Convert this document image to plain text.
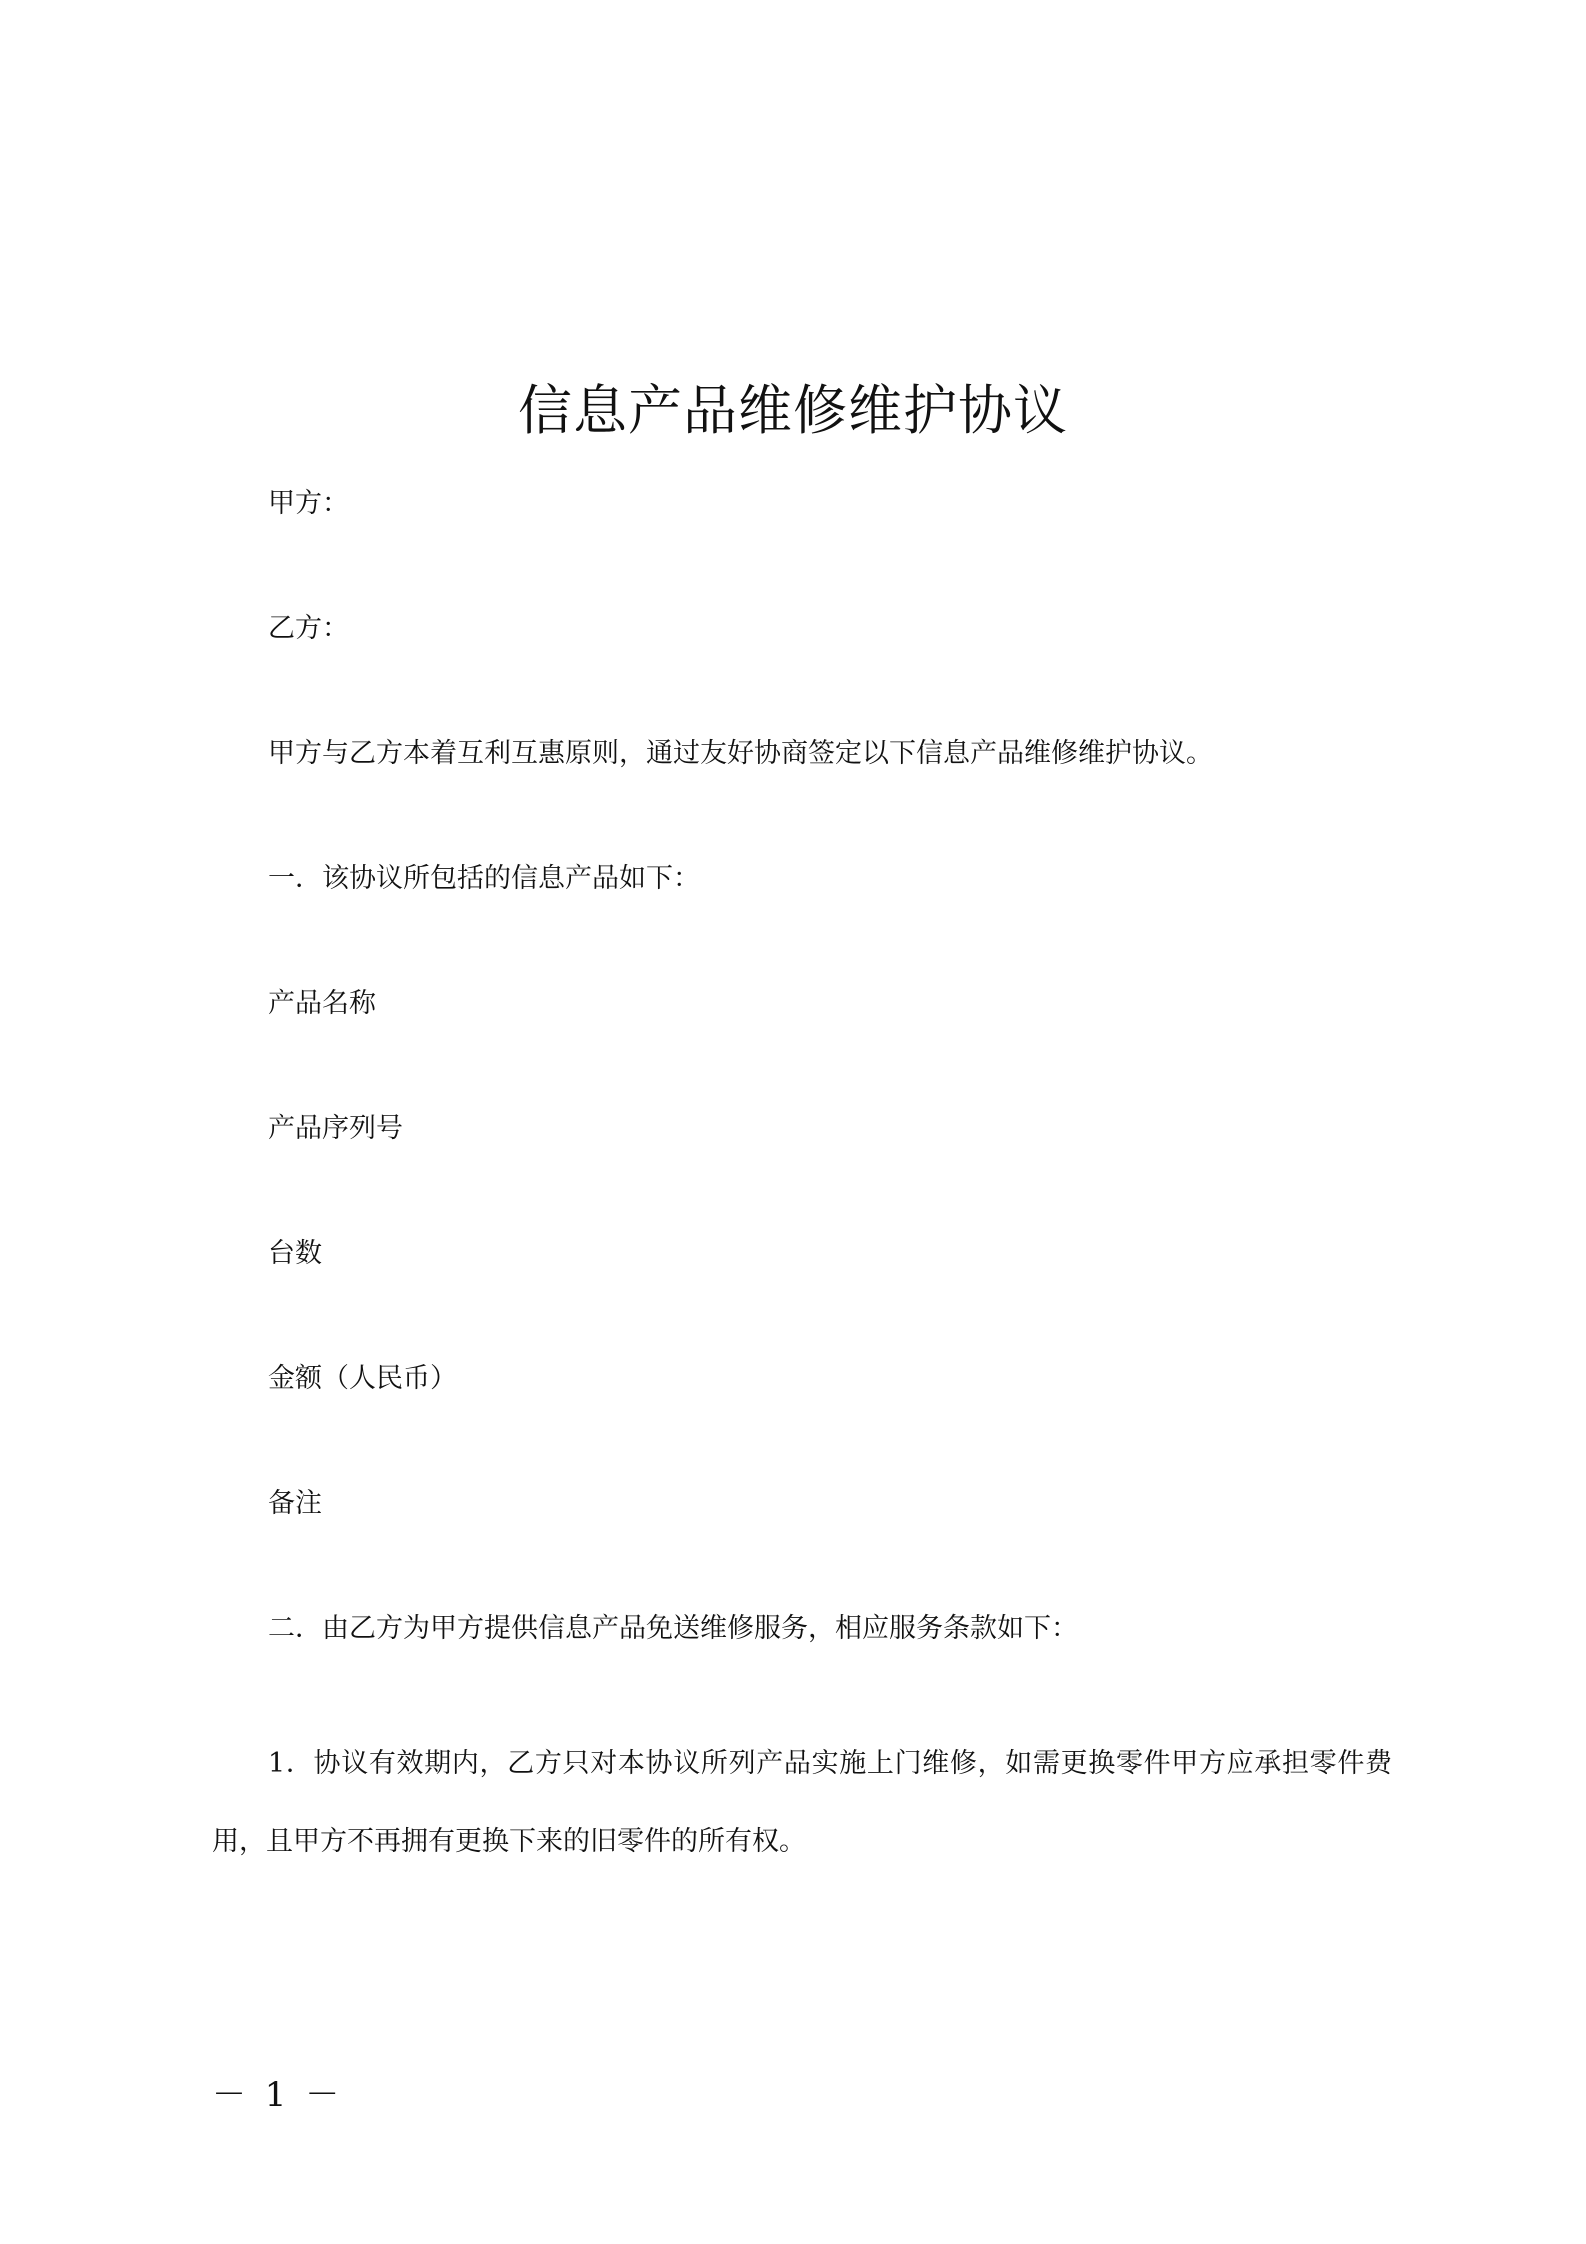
信息产品维修维护协议
甲方：
乙方：
甲方与乙方本着互利互惠原则，通过友好协商签定以下信息产品维修维护协议。
一．该协议所包括的信息产品如下：
产品名称
产品序列号
台数
金额（人民币）
备注
二．由乙方为甲方提供信息产品免送维修服务，相应服务条款如下：
1．协议有效期内，乙方只对本协议所列产品实施上门维修，如需更换零件甲方应承担零件费用，且甲方不再拥有更换下来的旧零件的所有权。
－ 1 －
